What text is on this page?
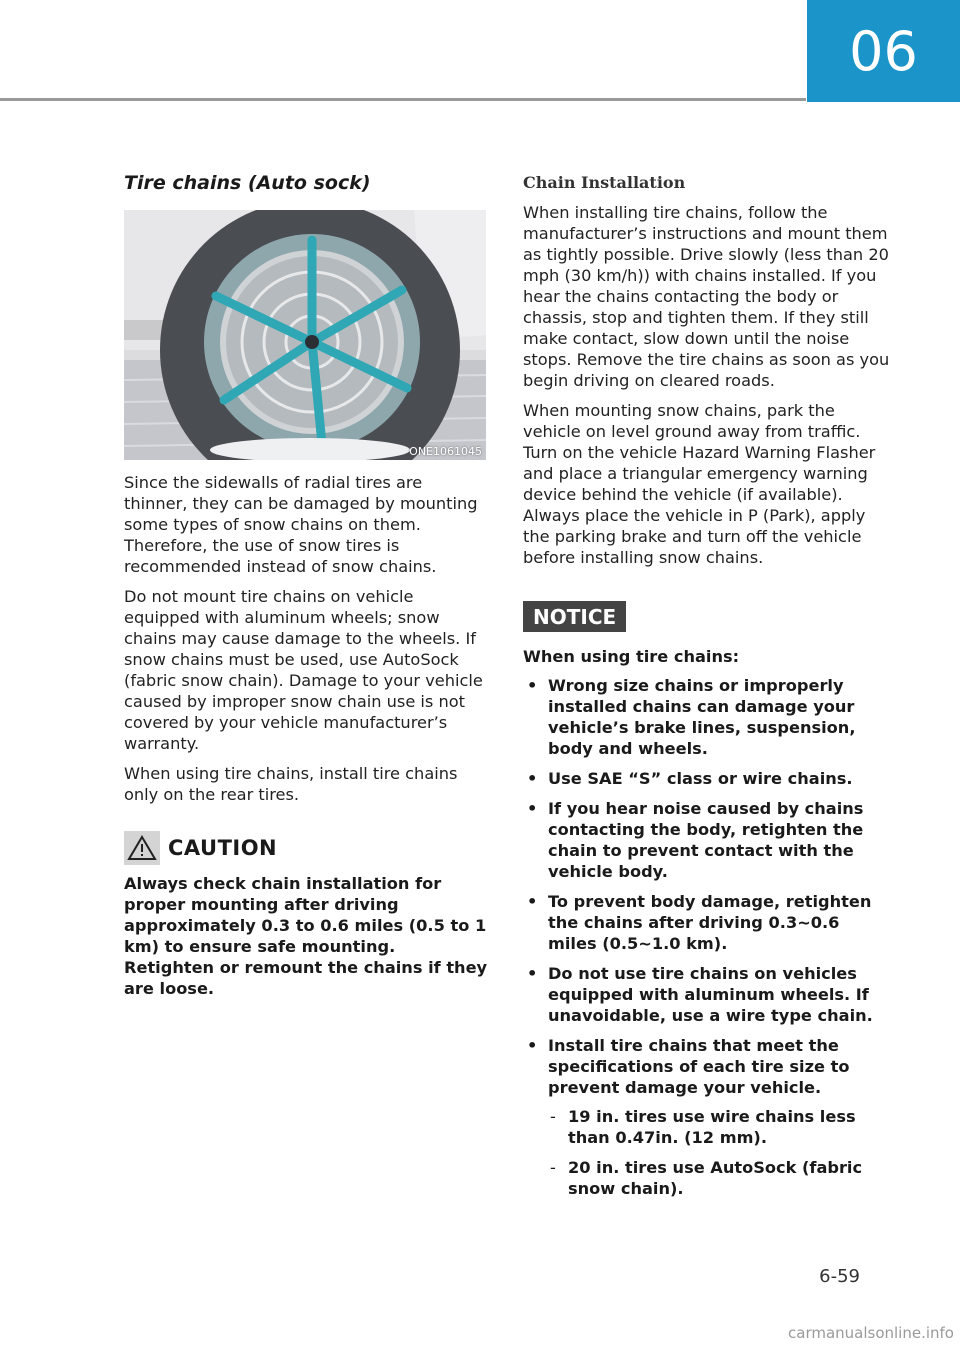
06
Tire chains (Auto sock)
ONE1061045

Since the sidewalls of radial tires are thinner, they can be damaged by mounting some types of snow chains on them. Therefore, the use of snow tires is recommended instead of snow chains.

Do not mount tire chains on vehicle equipped with aluminum wheels; snow chains may cause damage to the wheels. If snow chains must be used, use AutoSock (fabric snow chain). Damage to your vehicle caused by improper snow chain use is not covered by your vehicle manufacturer’s warranty.

When using tire chains, install tire chains only on the rear tires.

CAUTION

Always check chain installation for proper mounting after driving approximately 0.3 to 0.6 miles (0.5 to 1 km) to ensure safe mounting. Retighten or remount the chains if they are loose.

Chain Installation

When installing tire chains, follow the manufacturer’s instructions and mount them as tightly possible. Drive slowly (less than 20 mph (30 km/h)) with chains installed. If you hear the chains contacting the body or chassis, stop and tighten them. If they still make contact, slow down until the noise stops. Remove the tire chains as soon as you begin driving on cleared roads.

When mounting snow chains, park the vehicle on level ground away from traffic. Turn on the vehicle Hazard Warning Flasher and place a triangular emergency warning device behind the vehicle (if available). Always place the vehicle in P (Park), apply the parking brake and turn off the vehicle before installing snow chains.

NOTICE

When using tire chains:

• Wrong size chains or improperly installed chains can damage your vehicle’s brake lines, suspension, body and wheels.
• Use SAE “S” class or wire chains.
• If you hear noise caused by chains contacting the body, retighten the chain to prevent contact with the vehicle body.
• To prevent body damage, retighten the chains after driving 0.3~0.6 miles (0.5~1.0 km).
• Do not use tire chains on vehicles equipped with aluminum wheels. If unavoidable, use a wire type chain.
• Install tire chains that meet the specifications of each tire size to prevent damage your vehicle.
- 19 in. tires use wire chains less than 0.47in. (12 mm).
- 20 in. tires use AutoSock (fabric snow chain).
6-59
carmanualsonline.info
